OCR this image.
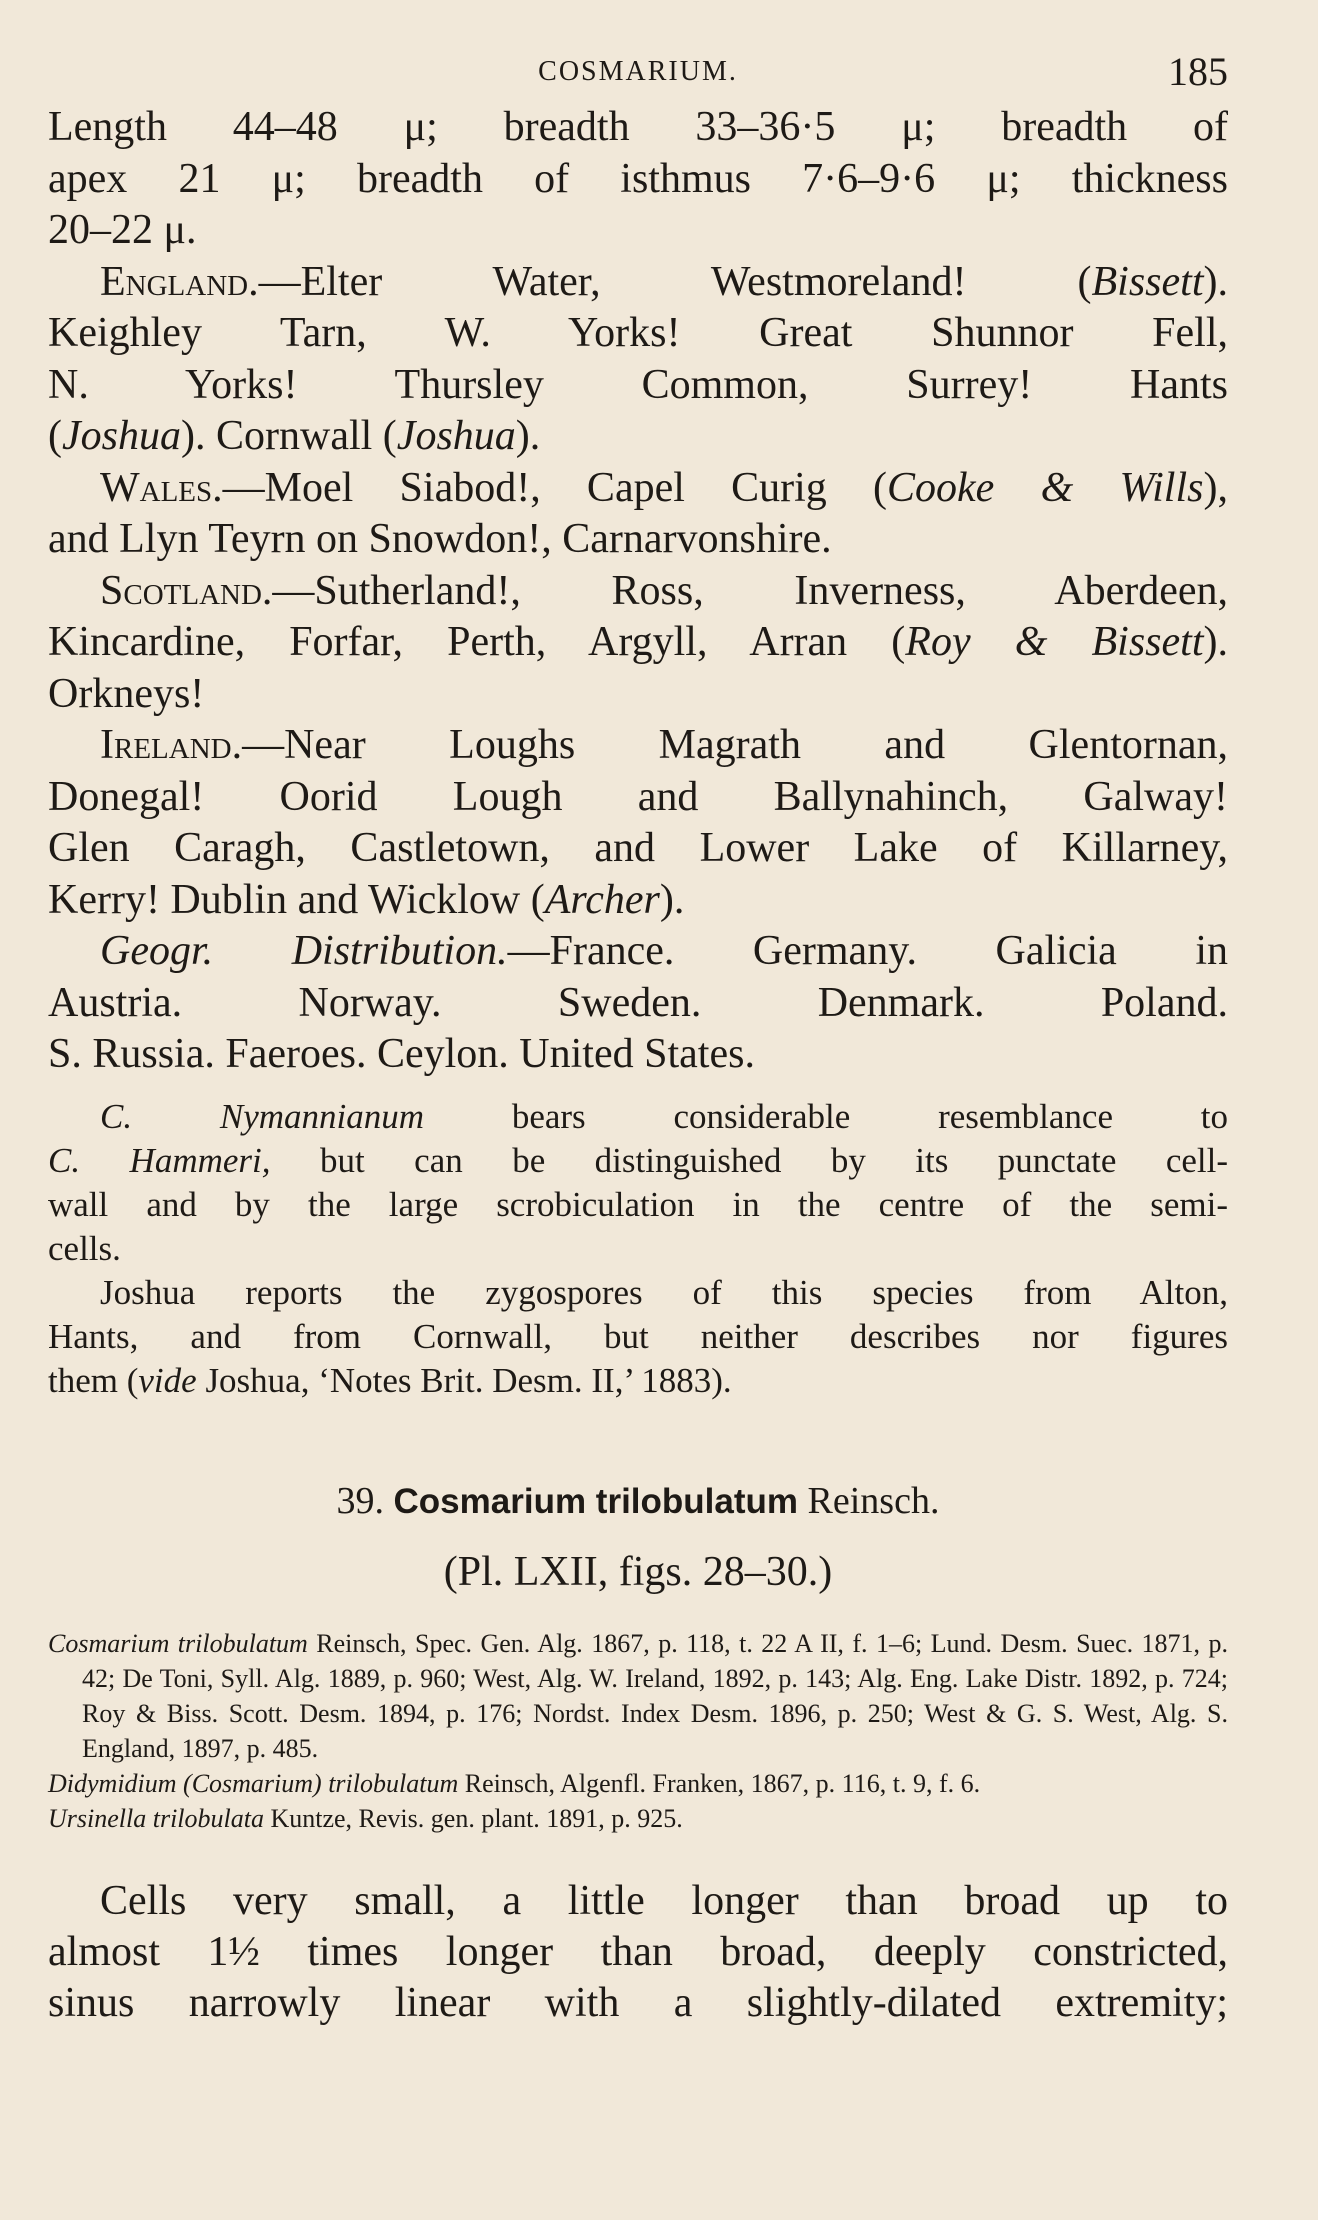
COSMARIUM.	185

Length 44–48 μ; breadth 33–36·5 μ; breadth of
apex 21 μ; breadth of isthmus 7·6–9·6 μ; thickness
20–22 μ.

England.—Elter Water, Westmoreland! (Bissett).
Keighley Tarn, W. Yorks! Great Shunnor Fell,
N. Yorks! Thursley Common, Surrey! Hants
(Joshua). Cornwall (Joshua).

Wales.—Moel Siabod!, Capel Curig (Cooke & Wills),
and Llyn Teyrn on Snowdon!, Carnarvonshire.

Scotland.—Sutherland!, Ross, Inverness, Aberdeen,
Kincardine, Forfar, Perth, Argyll, Arran (Roy & Bissett).
Orkneys!

Ireland.—Near Loughs Magrath and Glentornan,
Donegal! Oorid Lough and Ballynahinch, Galway!
Glen Caragh, Castletown, and Lower Lake of Killarney,
Kerry! Dublin and Wicklow (Archer).

Geogr. Distribution.—France. Germany. Galicia in
Austria. Norway. Sweden. Denmark. Poland.
S. Russia. Faeroes. Ceylon. United States.

C. Nymannianum bears considerable resemblance to
C. Hammeri, but can be distinguished by its punctate cell-
wall and by the large scrobiculation in the centre of the semi-
cells.

Joshua reports the zygospores of this species from Alton,
Hants, and from Cornwall, but neither describes nor figures
them (vide Joshua, ‘Notes Brit. Desm. II,’ 1883).

39. Cosmarium trilobulatum Reinsch.
(Pl. LXII, figs. 28–30.)

Cosmarium trilobulatum Reinsch, Spec. Gen. Alg. 1867, p. 118, t. 22 A II, f. 1–6; Lund. Desm. Suec. 1871, p. 42; De Toni, Syll. Alg. 1889, p. 960; West, Alg. W. Ireland, 1892, p. 143; Alg. Eng. Lake Distr. 1892, p. 724; Roy & Biss. Scott. Desm. 1894, p. 176; Nordst. Index Desm. 1896, p. 250; West & G. S. West, Alg. S. England, 1897, p. 485.

Didymidium (Cosmarium) trilobulatum Reinsch, Algenfl. Franken, 1867, p. 116, t. 9, f. 6.

Ursinella trilobulata Kuntze, Revis. gen. plant. 1891, p. 925.

Cells very small, a little longer than broad up to
almost 1½ times longer than broad, deeply constricted,
sinus narrowly linear with a slightly-dilated extremity;
